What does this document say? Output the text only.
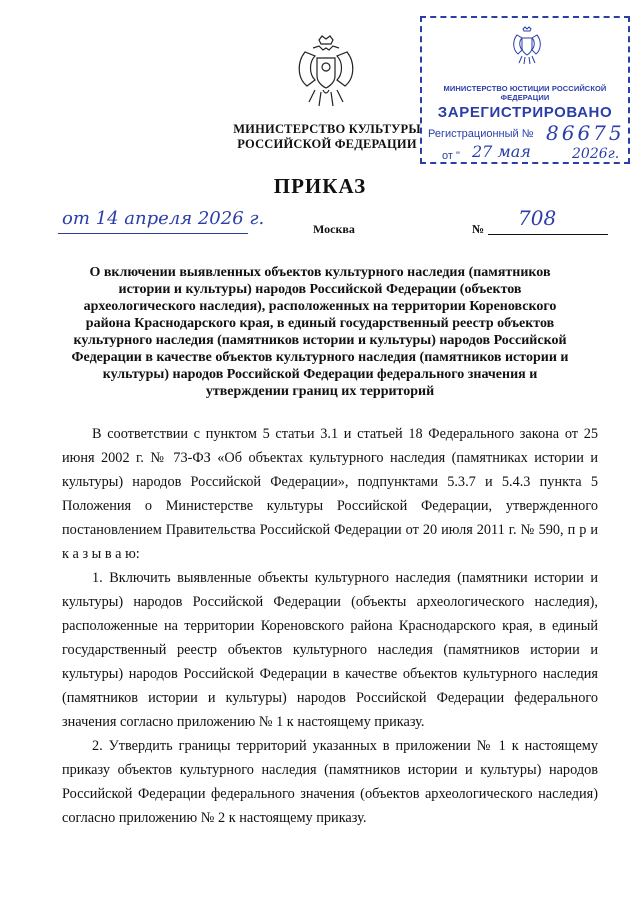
МИНИСТЕРСТВО КУЛЬТУРЫ
РОССИЙСКОЙ ФЕДЕРАЦИИ
МИНИСТЕРСТВО ЮСТИЦИИ РОССИЙСКОЙ ФЕДЕРАЦИИ
ЗАРЕГИСТРИРОВАНО
Регистрационный № 86675
от " 27 мая	2026г.
ПРИКАЗ
от 14 апреля 2026 г.	Москва	№ 708
О включении выявленных объектов культурного наследия (памятников истории и культуры) народов Российской Федерации (объектов археологического наследия), расположенных на территории Кореновского района Краснодарского края, в единый государственный реестр объектов культурного наследия (памятников истории и культуры) народов Российской Федерации в качестве объектов культурного наследия (памятников истории и культуры) народов Российской Федерации федерального значения и утверждении границ их территорий

В соответствии с пунктом 5 статьи 3.1 и статьей 18 Федерального закона от 25 июня 2002 г. № 73-ФЗ «Об объектах культурного наследия (памятниках истории и культуры) народов Российской Федерации», подпунктами 5.3.7 и 5.4.3 пункта 5 Положения о Министерстве культуры Российской Федерации, утвержденного постановлением Правительства Российской Федерации от 20 июля 2011 г. № 590, п р и к а з ы в а ю:

1. Включить выявленные объекты культурного наследия (памятники истории и культуры) народов Российской Федерации (объекты археологического наследия), расположенные на территории Кореновского района Краснодарского края, в единый государственный реестр объектов культурного наследия (памятников истории и культуры) народов Российской Федерации в качестве объектов культурного наследия (памятников истории и культуры) народов Российской Федерации федерального значения согласно приложению № 1 к настоящему приказу.

2. Утвердить границы территорий указанных в приложении № 1 к настоящему приказу объектов культурного наследия (памятников истории и культуры) народов Российской Федерации федерального значения (объектов археологического наследия) согласно приложению № 2 к настоящему приказу.
